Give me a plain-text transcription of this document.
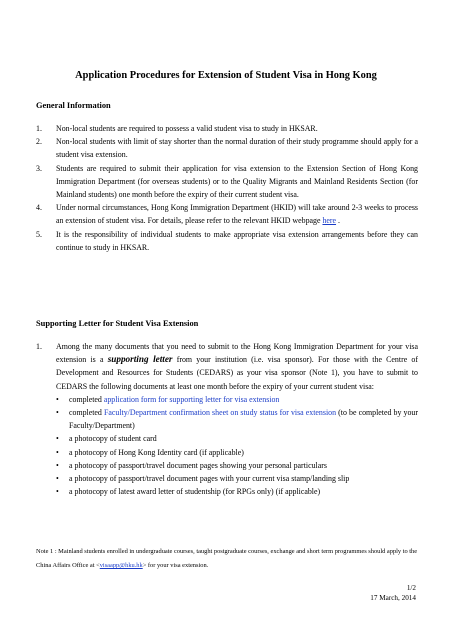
Application Procedures for Extension of Student Visa in Hong Kong
General Information
1.	Non-local students are required to possess a valid student visa to study in HKSAR.
2.	Non-local students with limit of stay shorter than the normal duration of their study programme should apply for a student visa extension.
3.	Students are required to submit their application for visa extension to the Extension Section of Hong Kong Immigration Department (for overseas students) or to the Quality Migrants and Mainland Residents Section (for Mainland students) one month before the expiry of their current student visa.
4.	Under normal circumstances, Hong Kong Immigration Department (HKID) will take around 2-3 weeks to process an extension of student visa. For details, please refer to the relevant HKID webpage here .
5.	It is the responsibility of individual students to make appropriate visa extension arrangements before they can continue to study in HKSAR.
Supporting Letter for Student Visa Extension
1.	Among the many documents that you need to submit to the Hong Kong Immigration Department for your visa extension is a supporting letter from your institution (i.e. visa sponsor). For those with the Centre of Development and Resources for Students (CEDARS) as your visa sponsor (Note 1), you have to submit to CEDARS the following documents at least one month before the expiry of your current student visa:
•	completed application form for supporting letter for visa extension
•	completed Faculty/Department confirmation sheet on study status for visa extension (to be completed by your Faculty/Department)
•	a photocopy of student card
•	a photocopy of Hong Kong Identity card (if applicable)
•	a photocopy of passport/travel document pages showing your personal particulars
•	a photocopy of passport/travel document pages with your current visa stamp/landing slip
•	a photocopy of latest award letter of studentship (for RPGs only) (if applicable)
Note 1 : Mainland students enrolled in undergraduate courses, taught postgraduate courses, exchange and short term programmes should apply to the China Affairs Office at <visaapp@hku.hk> for your visa extension.
1/2
17 March, 2014
